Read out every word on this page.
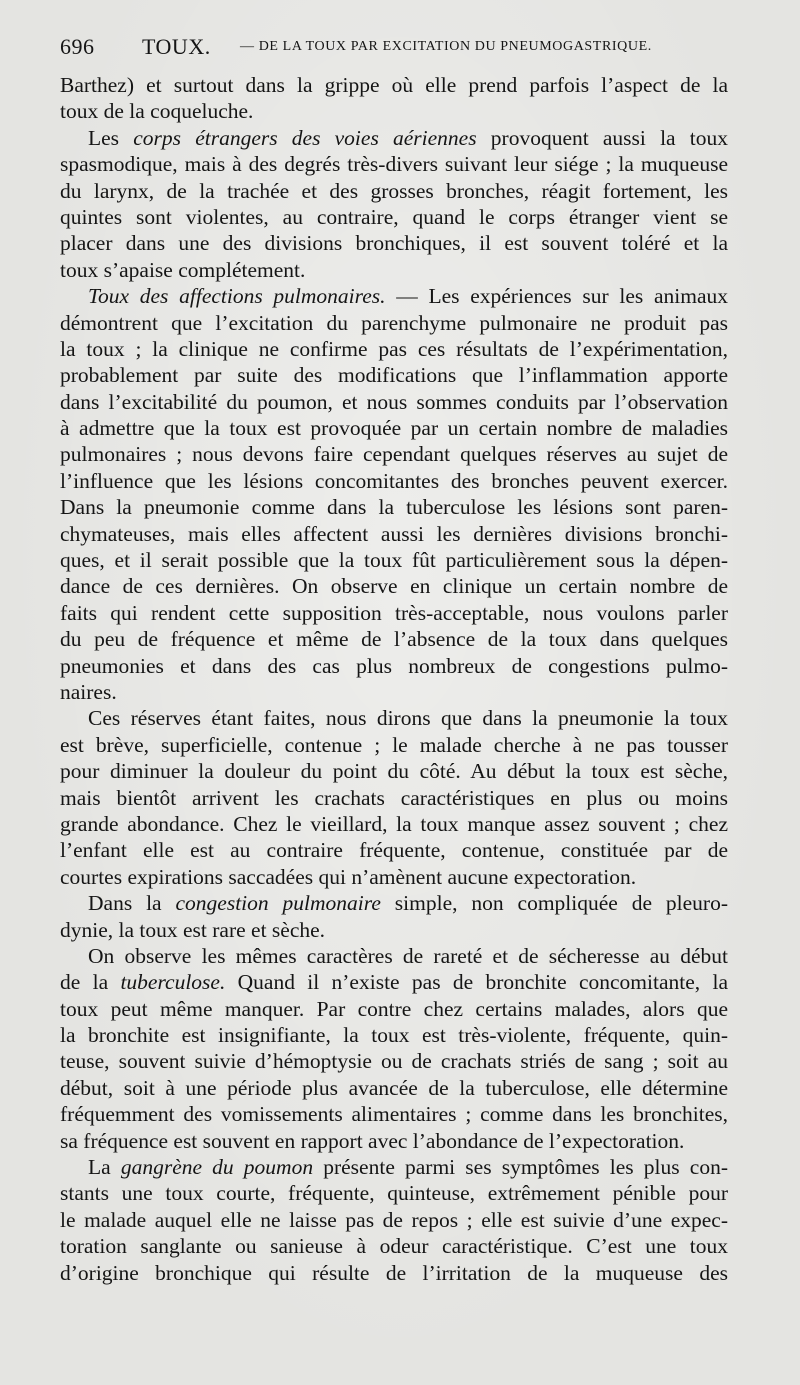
696 TOUX. — DE LA TOUX PAR EXCITATION DU PNEUMOGASTRIQUE.
Barthez) et surtout dans la grippe où elle prend parfois l’aspect de la
toux de la coqueluche.
Les corps étrangers des voies aériennes provoquent aussi la toux
spasmodique, mais à des degrés très-divers suivant leur siége ; la muqueuse
du larynx, de la trachée et des grosses bronches, réagit fortement, les
quintes sont violentes, au contraire, quand le corps étranger vient se
placer dans une des divisions bronchiques, il est souvent toléré et la
toux s’apaise complétement.
Toux des affections pulmonaires. — Les expériences sur les animaux
démontrent que l’excitation du parenchyme pulmonaire ne produit pas
la toux ; la clinique ne confirme pas ces résultats de l’expérimentation,
probablement par suite des modifications que l’inflammation apporte
dans l’excitabilité du poumon, et nous sommes conduits par l’observation
à admettre que la toux est provoquée par un certain nombre de maladies
pulmonaires ; nous devons faire cependant quelques réserves au sujet de
l’influence que les lésions concomitantes des bronches peuvent exercer.
Dans la pneumonie comme dans la tuberculose les lésions sont paren-
chymateuses, mais elles affectent aussi les dernières divisions bronchi-
ques, et il serait possible que la toux fût particulièrement sous la dépen-
dance de ces dernières. On observe en clinique un certain nombre de
faits qui rendent cette supposition très-acceptable, nous voulons parler
du peu de fréquence et même de l’absence de la toux dans quelques
pneumonies et dans des cas plus nombreux de congestions pulmo-
naires.
Ces réserves étant faites, nous dirons que dans la pneumonie la toux
est brève, superficielle, contenue ; le malade cherche à ne pas tousser
pour diminuer la douleur du point du côté. Au début la toux est sèche,
mais bientôt arrivent les crachats caractéristiques en plus ou moins
grande abondance. Chez le vieillard, la toux manque assez souvent ; chez
l’enfant elle est au contraire fréquente, contenue, constituée par de
courtes expirations saccadées qui n’amènent aucune expectoration.
Dans la congestion pulmonaire simple, non compliquée de pleuro-
dynie, la toux est rare et sèche.
On observe les mêmes caractères de rareté et de sécheresse au début
de la tuberculose. Quand il n’existe pas de bronchite concomitante, la
toux peut même manquer. Par contre chez certains malades, alors que
la bronchite est insignifiante, la toux est très-violente, fréquente, quin-
teuse, souvent suivie d’hémoptysie ou de crachats striés de sang ; soit au
début, soit à une période plus avancée de la tuberculose, elle détermine
fréquemment des vomissements alimentaires ; comme dans les bronchites,
sa fréquence est souvent en rapport avec l’abondance de l’expectoration.
La gangrène du poumon présente parmi ses symptômes les plus con-
stants une toux courte, fréquente, quinteuse, extrêmement pénible pour
le malade auquel elle ne laisse pas de repos ; elle est suivie d’une expec-
toration sanglante ou sanieuse à odeur caractéristique. C’est une toux
d’origine bronchique qui résulte de l’irritation de la muqueuse des
